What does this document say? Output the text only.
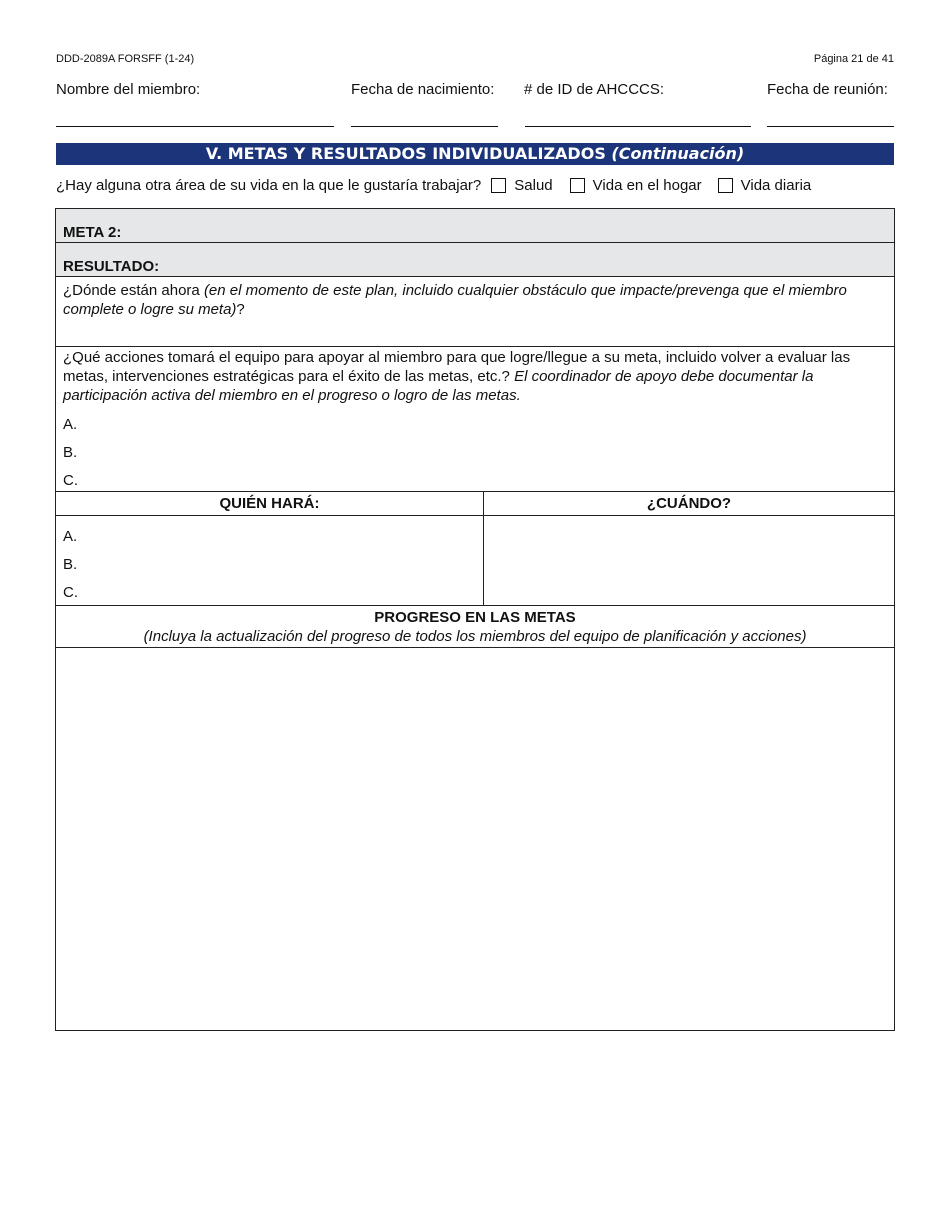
DDD-2089A FORSFF (1-24)	Página 21 de 41
Nombre del miembro:	Fecha de nacimiento: # de ID de AHCCCS:	Fecha de reunión:
V. METAS Y RESULTADOS INDIVIDUALIZADOS (Continuación)
¿Hay alguna otra área de su vida en la que le gustaría trabajar? Salud	Vida en el hogar	Vida diaria
META 2:
RESULTADO:
¿Dónde están ahora (en el momento de este plan, incluido cualquier obstáculo que impacte/prevenga que el miembro complete o logre su meta)?
¿Qué acciones tomará el equipo para apoyar al miembro para que logre/llegue a su meta, incluido volver a evaluar las metas, intervenciones estratégicas para el éxito de las metas, etc.? El coordinador de apoyo debe documentar la participación activa del miembro en el progreso o logro de las metas.
A.
B.
C.
QUIÉN HARÁ:	¿CUÁNDO?
A.
B.
C.
PROGRESO EN LAS METAS
(Incluya la actualización del progreso de todos los miembros del equipo de planificación y acciones)
